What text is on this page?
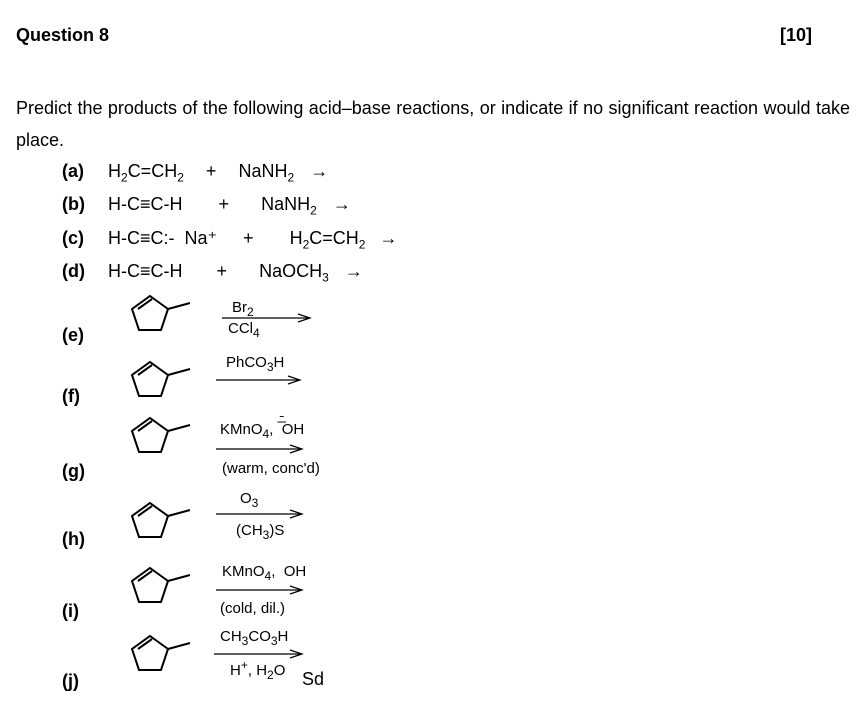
Question 8	[10]
Predict the products of the following acid–base reactions, or indicate if no significant reaction would take place.
(a) $H_2C=CH_2$ + NaNH$_2$ →
(b) H-C≡C-H + NaNH$_2$ →
(c) H-C≡C:-  $Na^+ + H_2C=CH_2$ →
(d) H-C≡C-H + NaOCH$_3$ →
(e)
(f)
(g)
(h)
(i)
(j)
$Br_2$
CCl$_4$
PhCO$_3$H
KMnO$_4$,
OH
(warm, conc'd)
$O_3$
$(CH_3)S$
KMnO$_4$,  OH
(cold, dil.)
$CH_3CO_3H$
H+, $H_2O$ Sd
